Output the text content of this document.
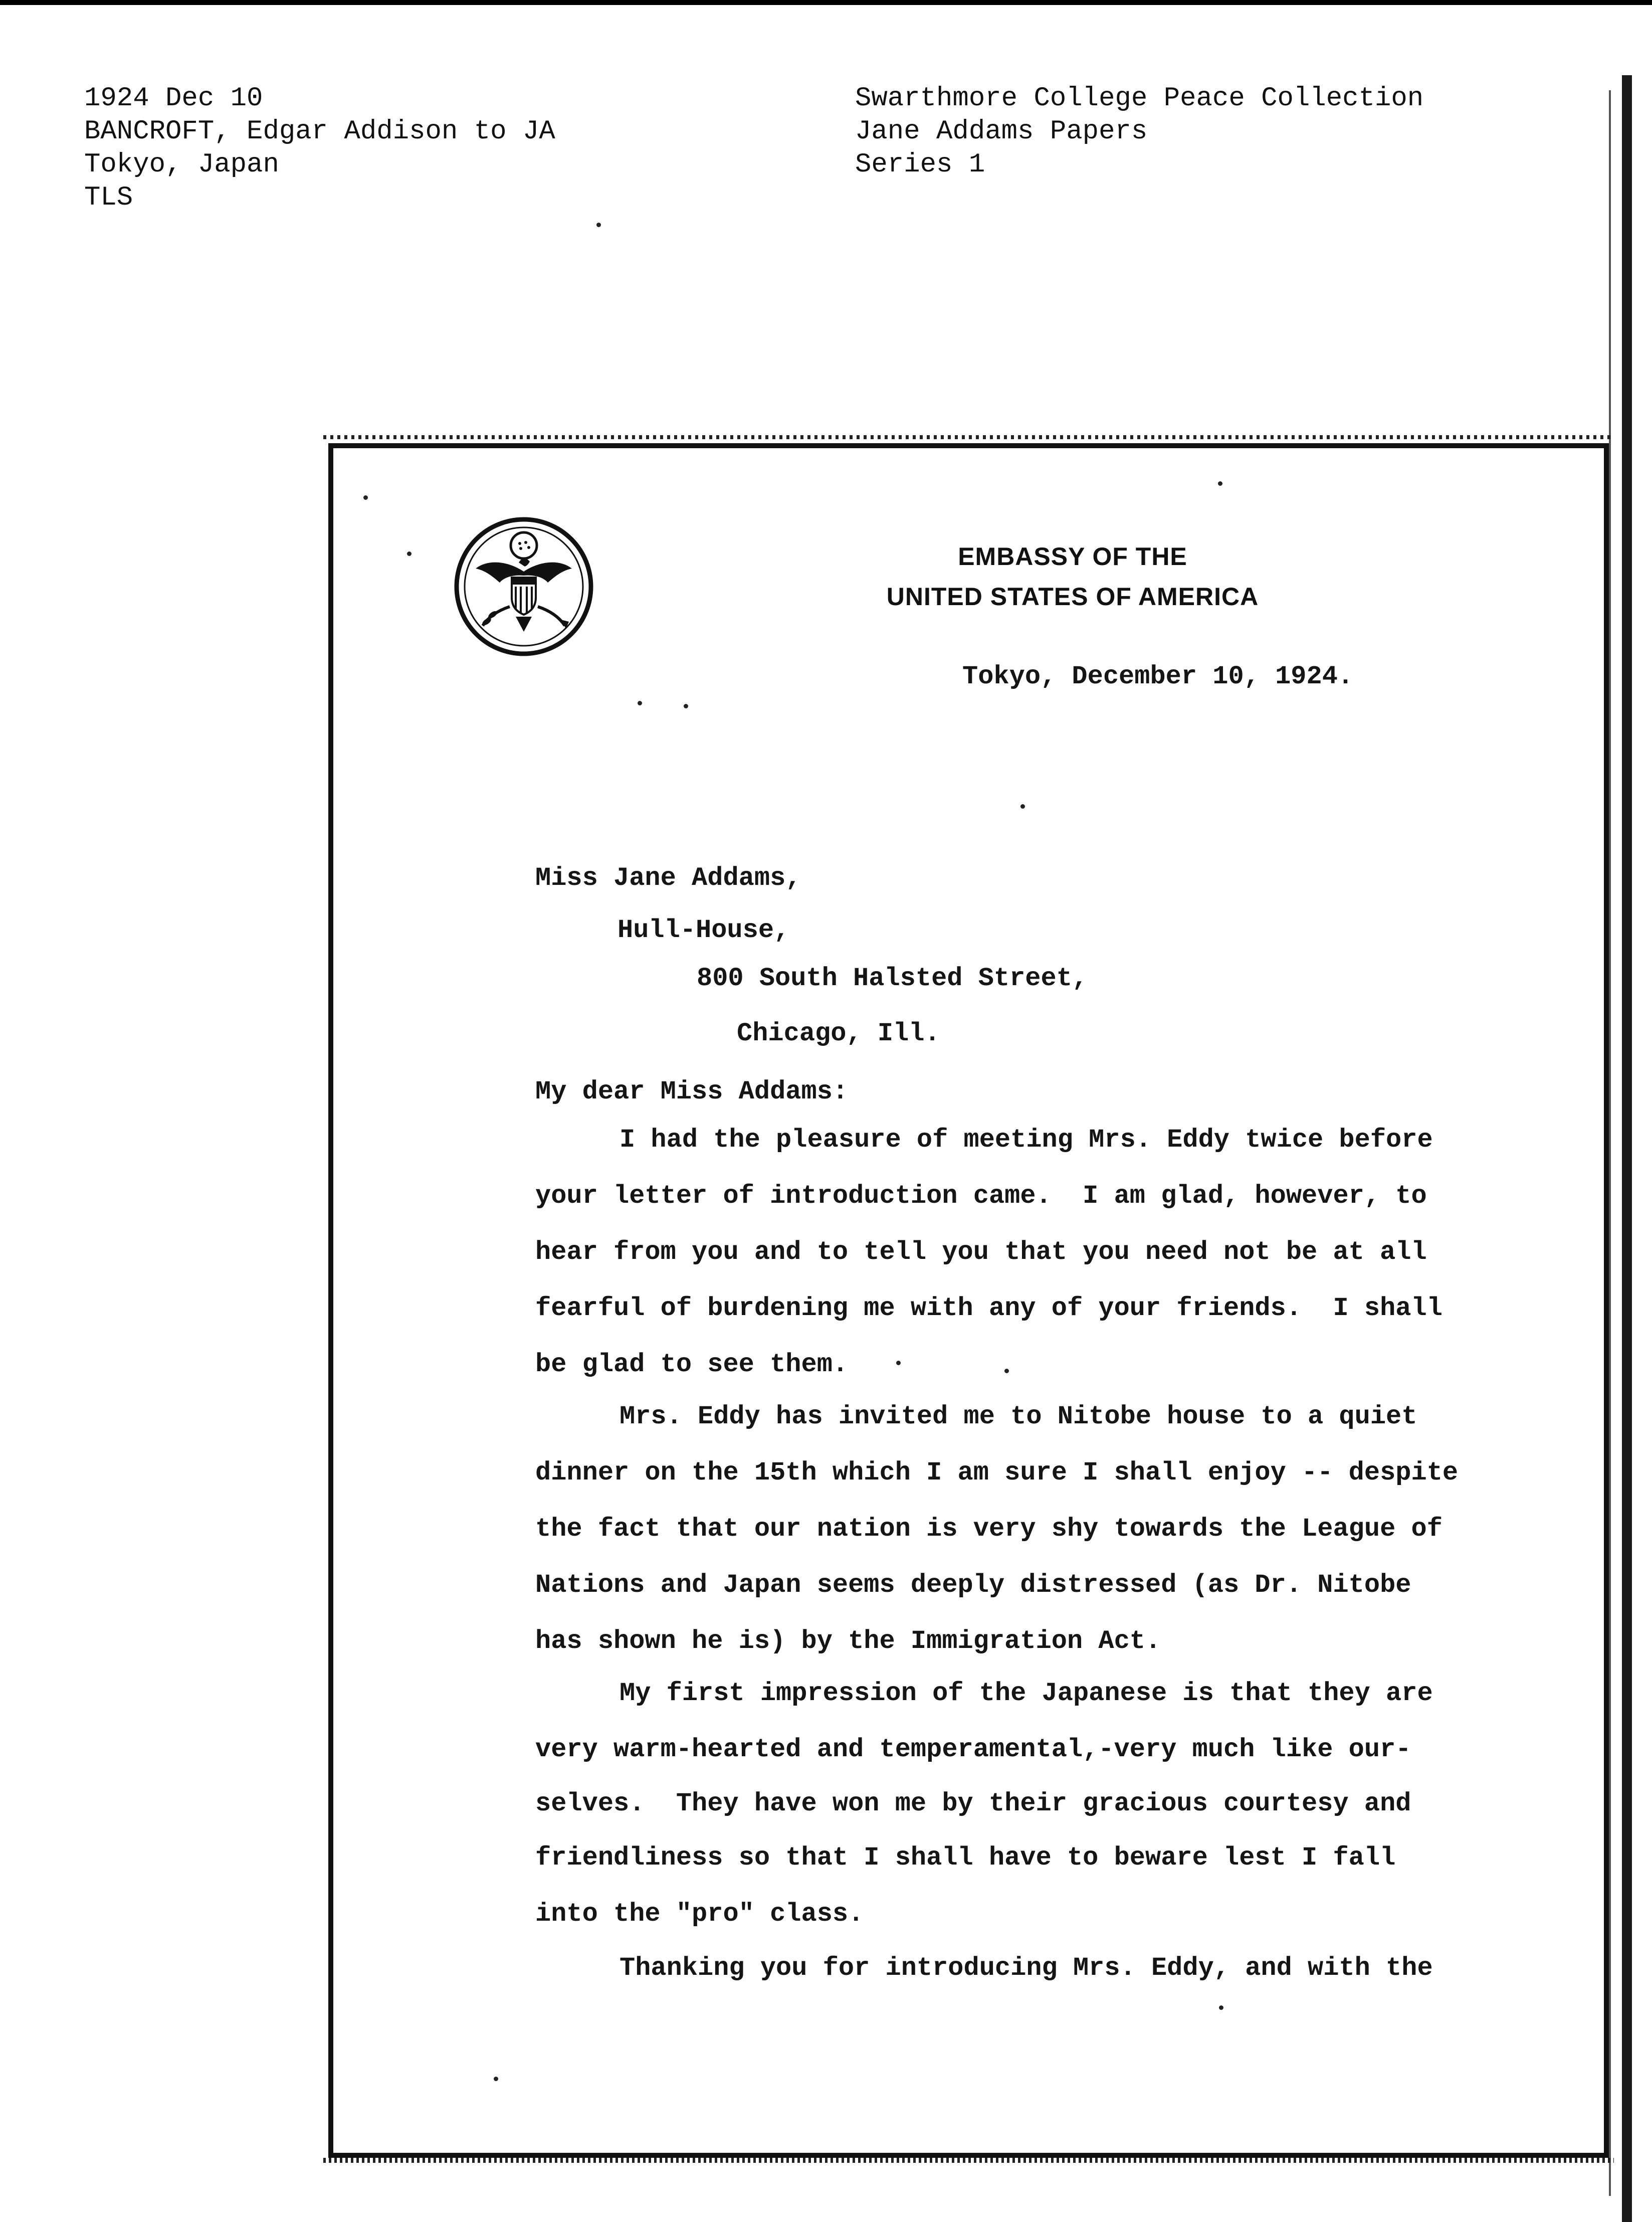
1924 Dec 10
BANCROFT, Edgar Addison to JA
Tokyo, Japan
TLS
Swarthmore College Peace Collection
Jane Addams Papers
Series 1
EMBASSY OF THE
UNITED STATES OF AMERICA
Tokyo, December 10, 1924.
Miss Jane Addams,
Hull-House,
800 South Halsted Street,
Chicago, Ill.
My dear Miss Addams:
I had the pleasure of meeting Mrs. Eddy twice before
your letter of introduction came.  I am glad, however, to
hear from you and to tell you that you need not be at all
fearful of burdening me with any of your friends.  I shall
be glad to see them.
Mrs. Eddy has invited me to Nitobe house to a quiet
dinner on the 15th which I am sure I shall enjoy -- despite
the fact that our nation is very shy towards the League of
Nations and Japan seems deeply distressed (as Dr. Nitobe
has shown he is) by the Immigration Act.
My first impression of the Japanese is that they are
very warm-hearted and temperamental,-very much like our-
selves.  They have won me by their gracious courtesy and
friendliness so that I shall have to beware lest I fall
into the "pro" class.
Thanking you for introducing Mrs. Eddy, and with the
